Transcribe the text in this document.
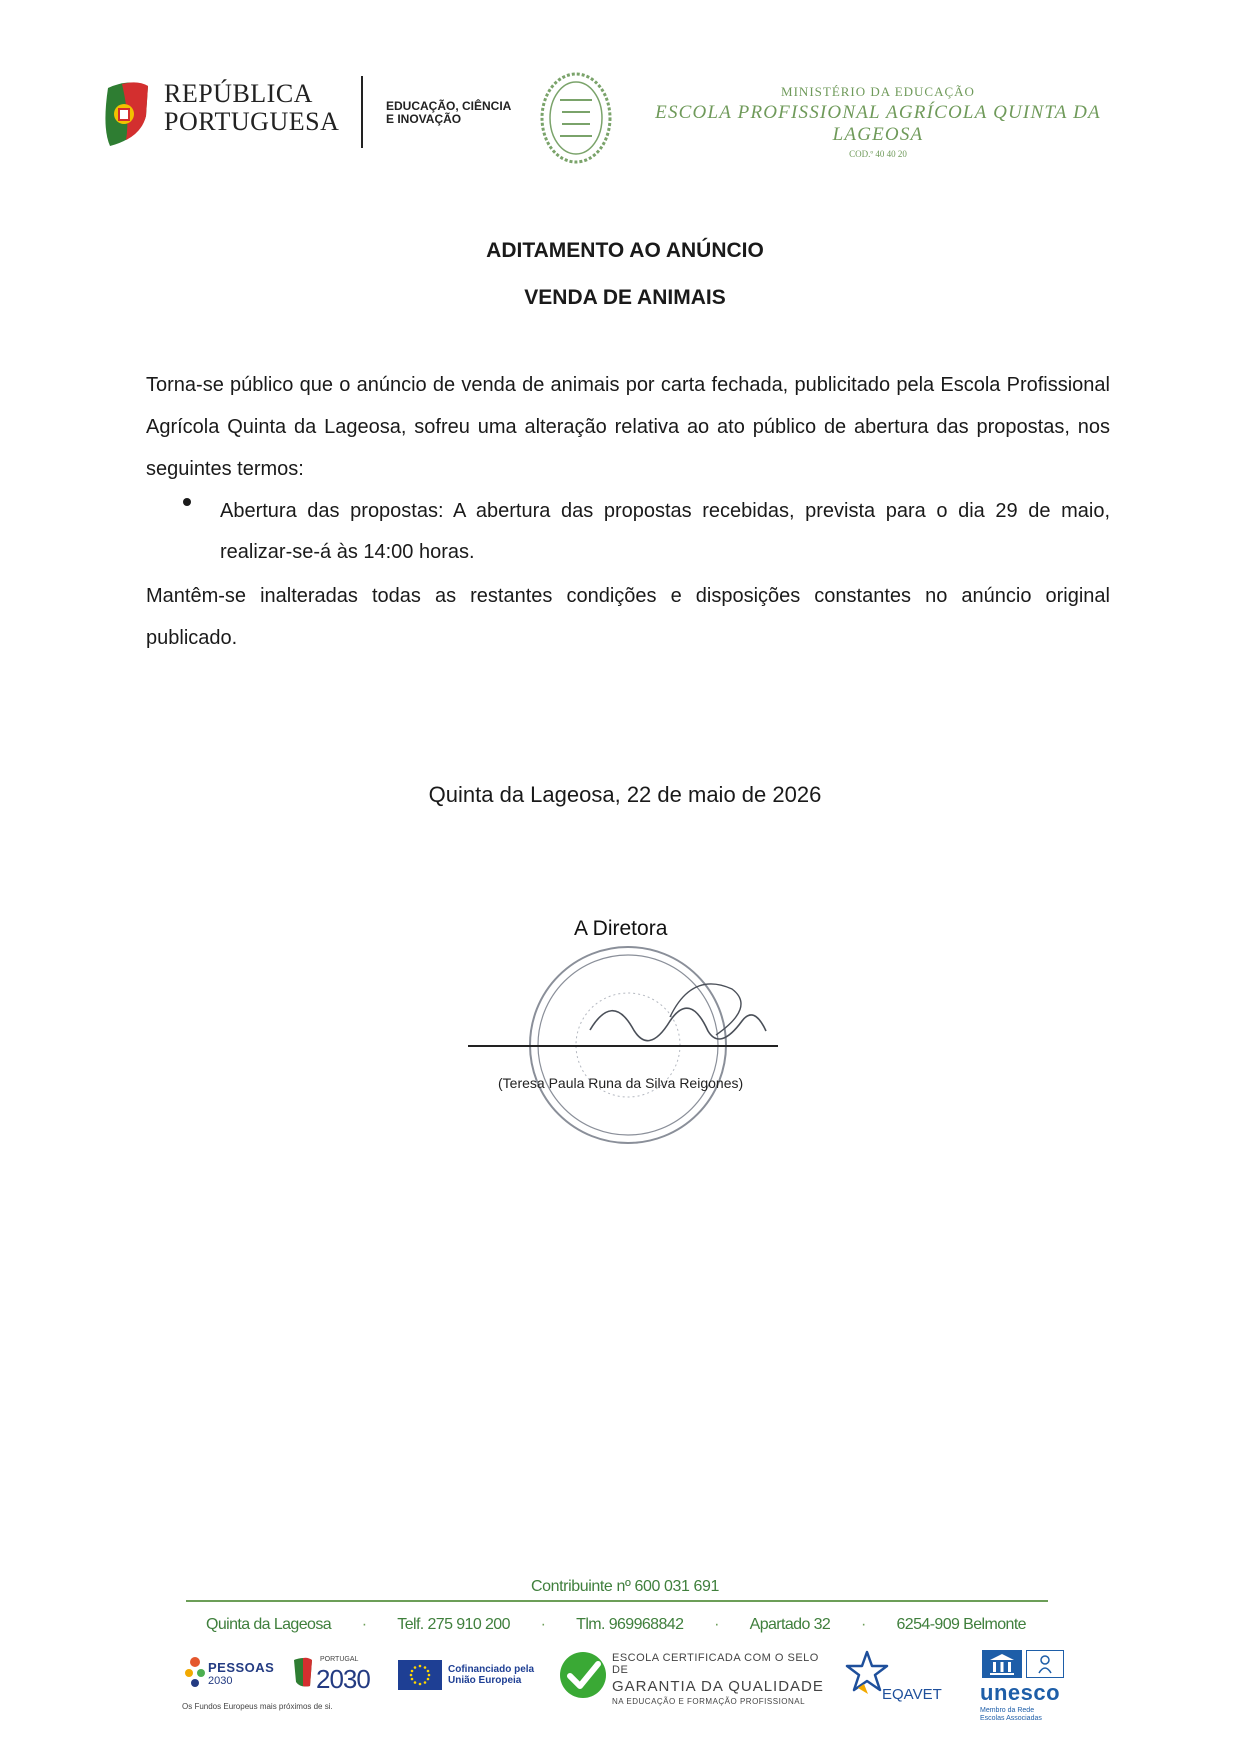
REPÚBLICA
PORTUGUESA
EDUCAÇÃO, CIÊNCIA
E INOVAÇÃO
MINISTÉRIO DA EDUCAÇÃO
ESCOLA PROFISSIONAL AGRÍCOLA QUINTA DA LAGEOSA
COD.º 40 40 20
ADITAMENTO AO ANÚNCIO
VENDA DE ANIMAIS
Torna-se público que o anúncio de venda de animais por carta fechada, publicitado pela Escola Profissional Agrícola Quinta da Lageosa, sofreu uma alteração relativa ao ato público de abertura das propostas, nos seguintes termos:
Abertura das propostas: A abertura das propostas recebidas, prevista para o dia 29 de maio, realizar-se-á às 14:00 horas.
Mantêm-se inalteradas todas as restantes condições e disposições constantes no anúncio original publicado.
Quinta da Lageosa, 22 de maio de 2026
A Diretora
(Teresa Paula Runa da Silva Reigones)
Contribuinte nº 600 031 691
Quinta da Lageosa · Telf. 275 910 200 · Tlm. 969968842 · Apartado 32 · 6254-909 Belmonte
PESSOAS
2030
Os Fundos Europeus mais próximos de si.
PORTUGAL
2030	Cofinanciado pela
União Europeia
ESCOLA CERTIFICADA COM O SELO DE
GARANTIA DA QUALIDADE
NA EDUCAÇÃO E FORMAÇÃO PROFISSIONAL	EQAVET unesco
Membro da Rede
Escolas Associadas
